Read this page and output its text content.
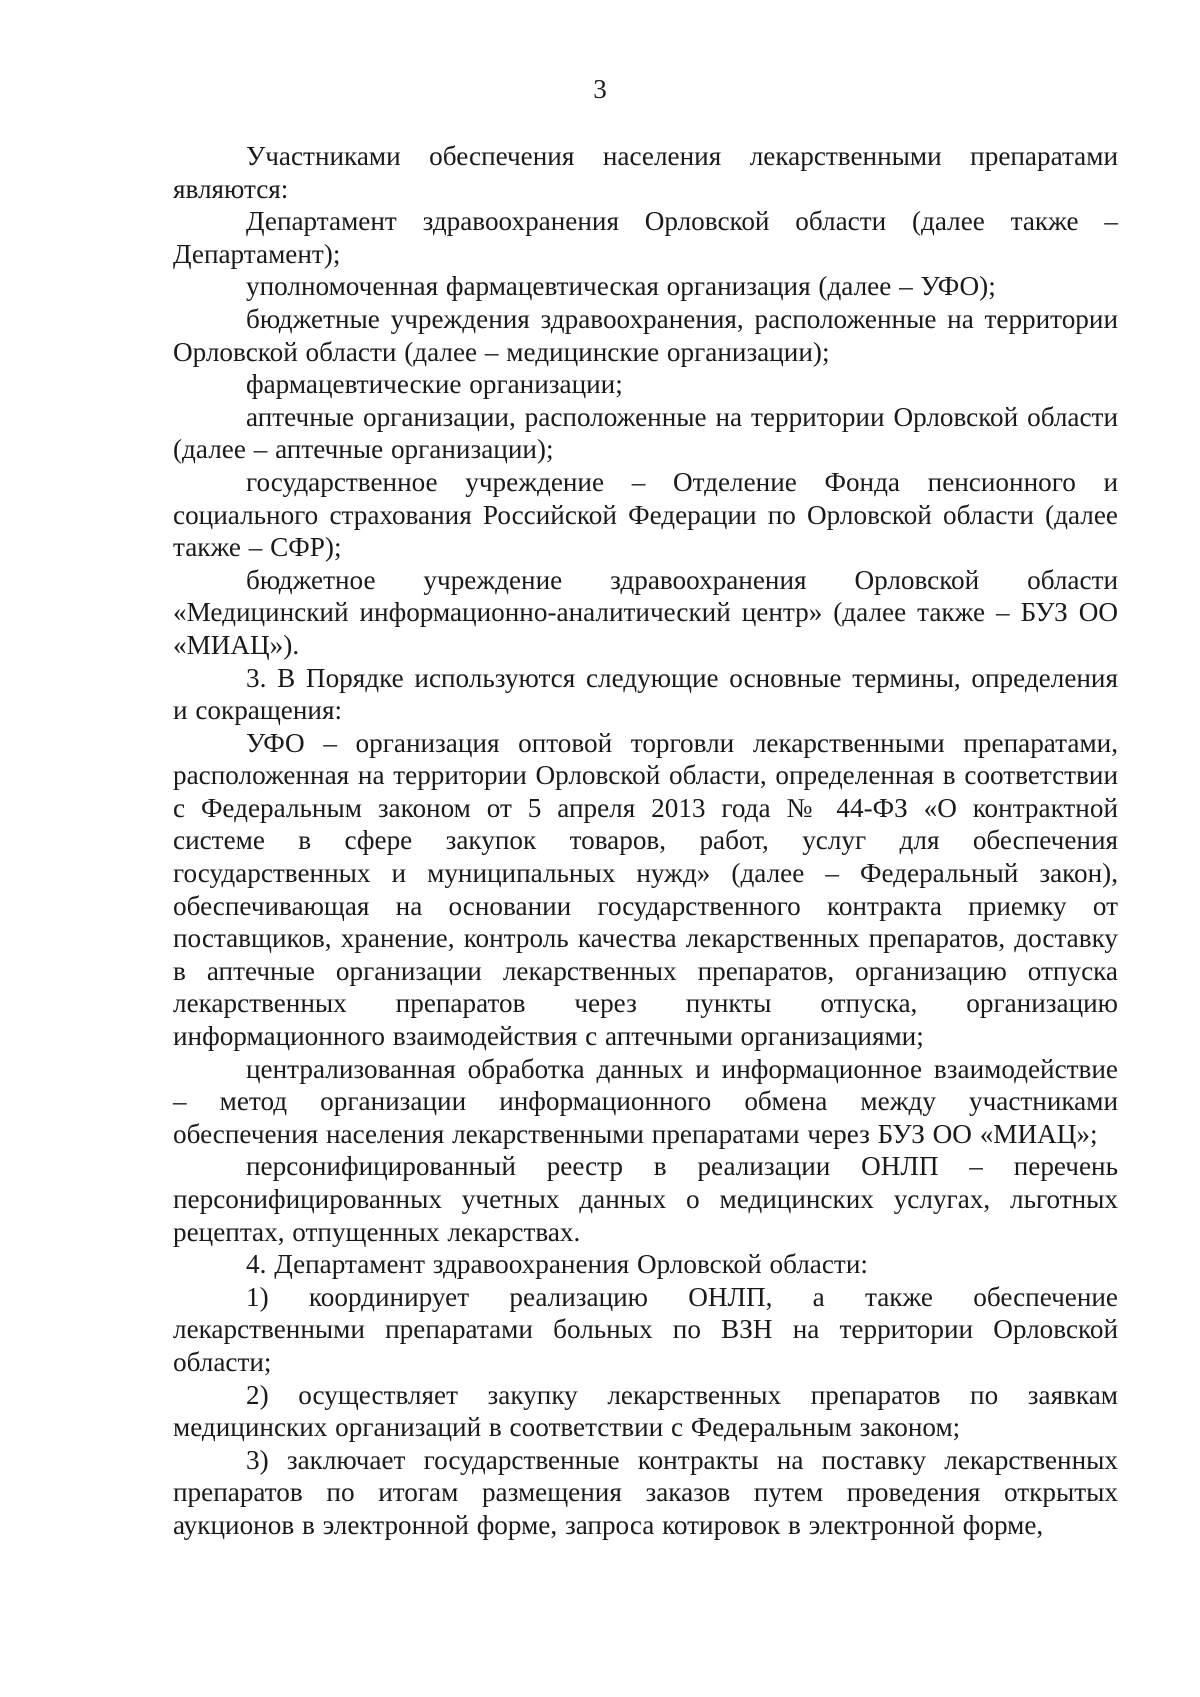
3

Участниками обеспечения населения лекарственными препаратами являются:

Департамент здравоохранения Орловской области (далее также – Департамент);

уполномоченная фармацевтическая организация (далее – УФО);

бюджетные учреждения здравоохранения, расположенные на территории Орловской области (далее – медицинские организации);

фармацевтические организации;

аптечные организации, расположенные на территории Орловской области (далее – аптечные организации);

государственное учреждение – Отделение Фонда пенсионного и социального страхования Российской Федерации по Орловской области (далее также – СФР);

бюджетное учреждение здравоохранения Орловской области «Медицинский информационно-аналитический центр» (далее также – БУЗ ОО «МИАЦ»).

3. В Порядке используются следующие основные термины, определения и сокращения:

УФО – организация оптовой торговли лекарственными препаратами, расположенная на территории Орловской области, определенная в соответствии с Федеральным законом от 5 апреля 2013 года № 44-ФЗ «О контрактной системе в сфере закупок товаров, работ, услуг для обеспечения государственных и муниципальных нужд» (далее – Федеральный закон), обеспечивающая на основании государственного контракта приемку от поставщиков, хранение, контроль качества лекарственных препаратов, доставку в аптечные организации лекарственных препаратов, организацию отпуска лекарственных препаратов через пункты отпуска, организацию информационного взаимодействия с аптечными организациями;

централизованная обработка данных и информационное взаимодействие – метод организации информационного обмена между участниками обеспечения населения лекарственными препаратами через БУЗ ОО «МИАЦ»;

персонифицированный реестр в реализации ОНЛП – перечень персонифицированных учетных данных о медицинских услугах, льготных рецептах, отпущенных лекарствах.

4. Департамент здравоохранения Орловской области:

1) координирует реализацию ОНЛП, а также обеспечение лекарственными препаратами больных по ВЗН на территории Орловской области;

2) осуществляет закупку лекарственных препаратов по заявкам медицинских организаций в соответствии с Федеральным законом;

3) заключает государственные контракты на поставку лекарственных препаратов по итогам размещения заказов путем проведения открытых аукционов в электронной форме, запроса котировок в электронной форме,
